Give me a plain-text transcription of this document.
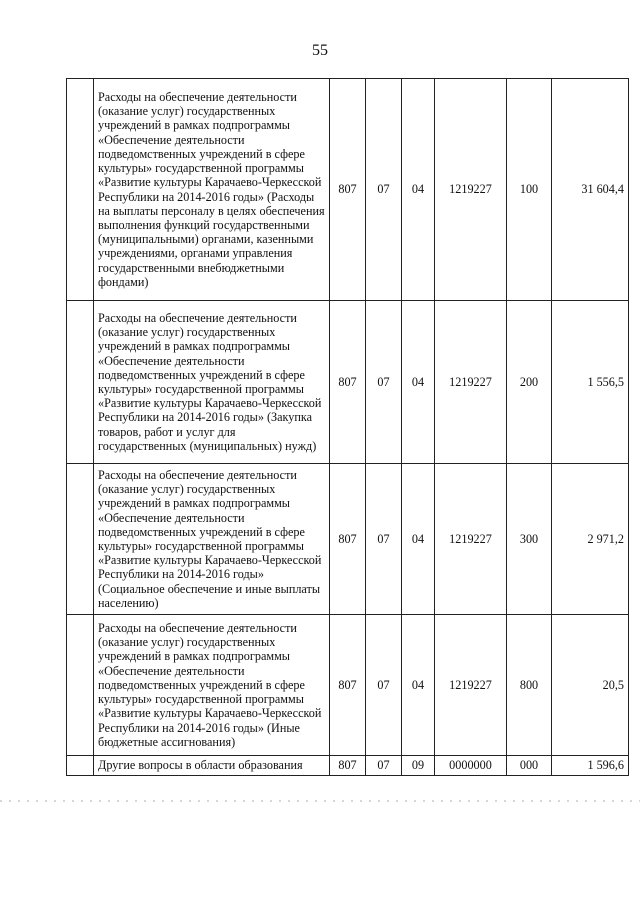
55
	Расходы на обеспечение деятельности (оказание услуг) государственных учреждений в рамках подпрограммы «Обеспечение деятельности подведомственных учреждений в сфере культуры» государственной программы «Развитие культуры Карачаево-Черкесской Республики на 2014-2016 годы» (Расходы на выплаты персоналу в целях обеспечения выполнения функций государственными (муниципальными) органами, казенными учреждениями, органами управления государственными внебюджетными фондами)	807	07	04	1219227	100	31 604,4
	Расходы на обеспечение деятельности (оказание услуг) государственных учреждений в рамках подпрограммы «Обеспечение деятельности подведомственных учреждений в сфере культуры» государственной программы «Развитие культуры Карачаево-Черкесской Республики на 2014-2016 годы» (Закупка товаров, работ и услуг для государственных (муниципальных) нужд)	807	07	04	1219227	200	1 556,5
	Расходы на обеспечение деятельности (оказание услуг) государственных учреждений в рамках подпрограммы «Обеспечение деятельности подведомственных учреждений в сфере культуры» государственной программы «Развитие культуры Карачаево-Черкесской Республики на 2014-2016 годы» (Социальное обеспечение и иные выплаты населению)	807	07	04	1219227	300	2 971,2
	Расходы на обеспечение деятельности (оказание услуг) государственных учреждений в рамках подпрограммы «Обеспечение деятельности подведомственных учреждений в сфере культуры» государственной программы «Развитие культуры Карачаево-Черкесской Республики на 2014-2016 годы» (Иные бюджетные ассигнования)	807	07	04	1219227	800	20,5
	Другие вопросы в области образования	807	07	09	0000000	000	1 596,6
